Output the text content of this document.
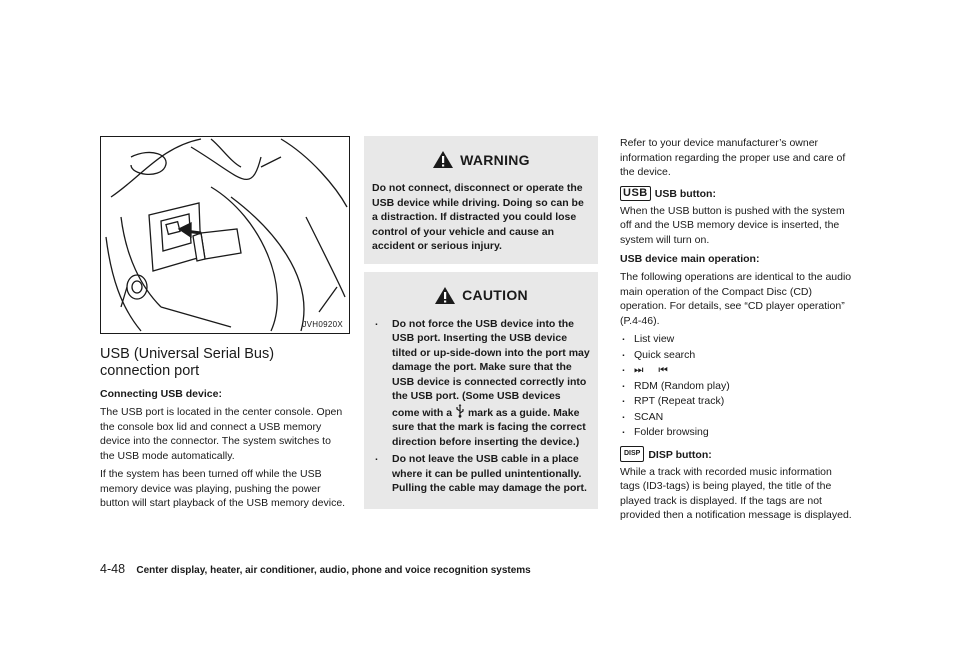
JVH0920X
USB (Universal Serial Bus) connection port
Connecting USB device:

The USB port is located in the center console. Open the console box lid and connect a USB memory device into the connector. The system switches to the USB mode automatically.

If the system has been turned off while the USB memory device was playing, pushing the power button will start playback of the USB memory device.

WARNING
Do not connect, disconnect or operate the USB device while driving. Doing so can be a distraction. If distracted you could lose control of your vehicle and cause an accident or serious injury.
CAUTION
. Do not force the USB device into the USB port. Inserting the USB device tilted or up-side-down into the port may damage the port. Make sure that the USB device is connected correctly into the USB port. (Some USB devices come with a mark as a guide. Make sure that the mark is facing the correct direction before inserting the device.)
. Do not leave the USB cable in a place where it can be pulled unintentionally. Pulling the cable may damage the port.

Refer to your device manufacturer’s owner information regarding the proper use and care of the device.

USB USB button:

When the USB button is pushed with the system off and the USB memory device is inserted, the system will turn on.

USB device main operation:

The following operations are identical to the audio main operation of the Compact Disc (CD) operation. For details, see “CD player operation” (P.4-46).

. List view
. Quick search
. ⏭ ⏮
. RDM (Random play)
. RPT (Repeat track)
. SCAN
. Folder browsing
DISP DISP button:

While a track with recorded music information tags (ID3-tags) is being played, the title of the played track is displayed. If the tags are not provided then a notification message is displayed.

4-48 Center display, heater, air conditioner, audio, phone and voice recognition systems
